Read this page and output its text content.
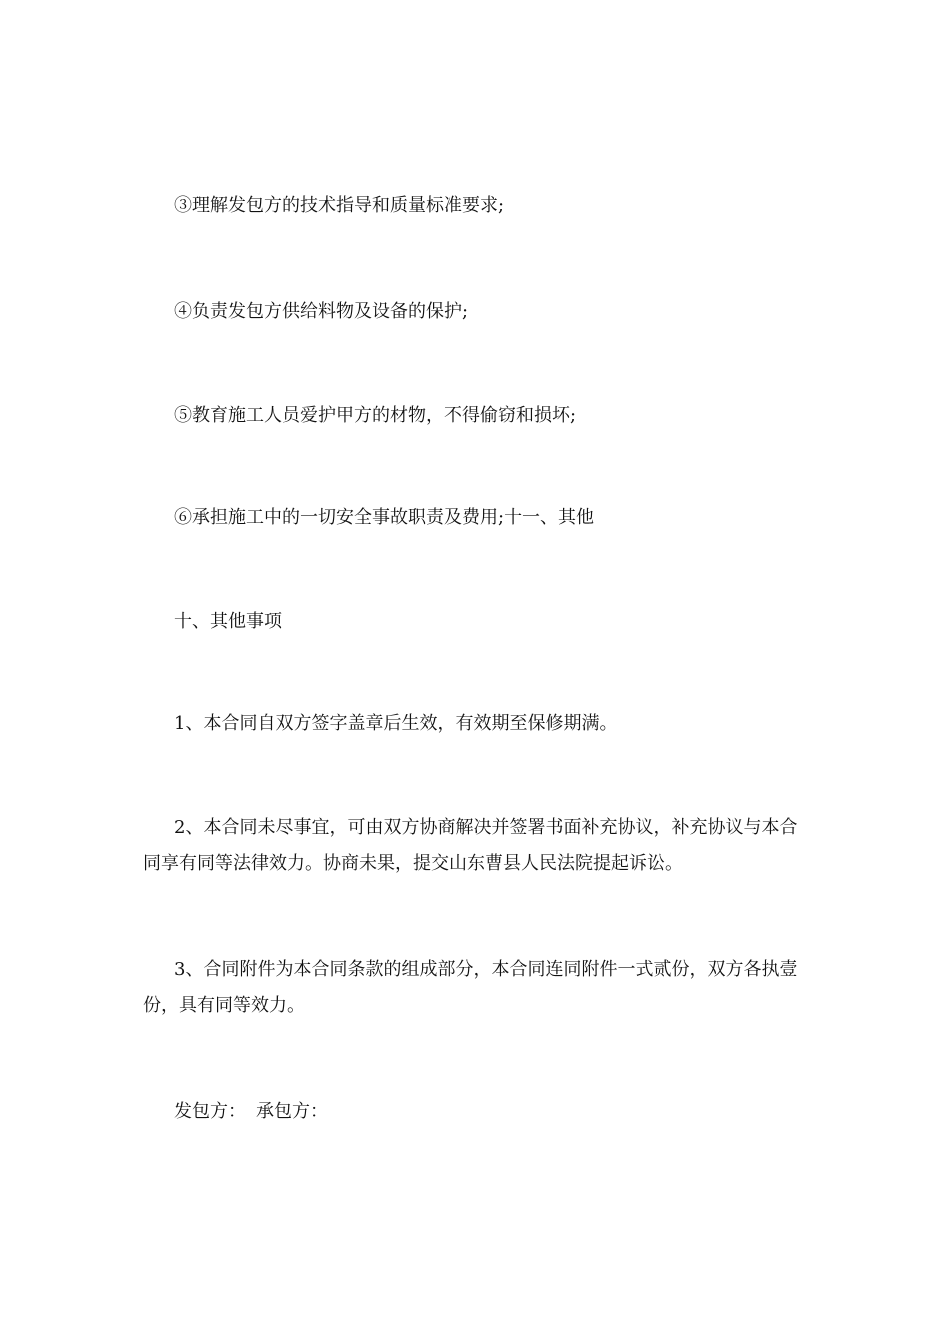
③理解发包方的技术指导和质量标准要求;
④负责发包方供给料物及设备的保护;
⑤教育施工人员爱护甲方的材物，不得偷窃和损坏;
⑥承担施工中的一切安全事故职责及费用;十一、其他
十、其他事项
1、本合同自双方签字盖章后生效，有效期至保修期满。
2、本合同未尽事宜，可由双方协商解决并签署书面补充协议，补充协议与本合同享有同等法律效力。协商未果，提交山东曹县人民法院提起诉讼。
3、合同附件为本合同条款的组成部分，本合同连同附件一式贰份，双方各执壹份，具有同等效力。
发包方： 承包方：
